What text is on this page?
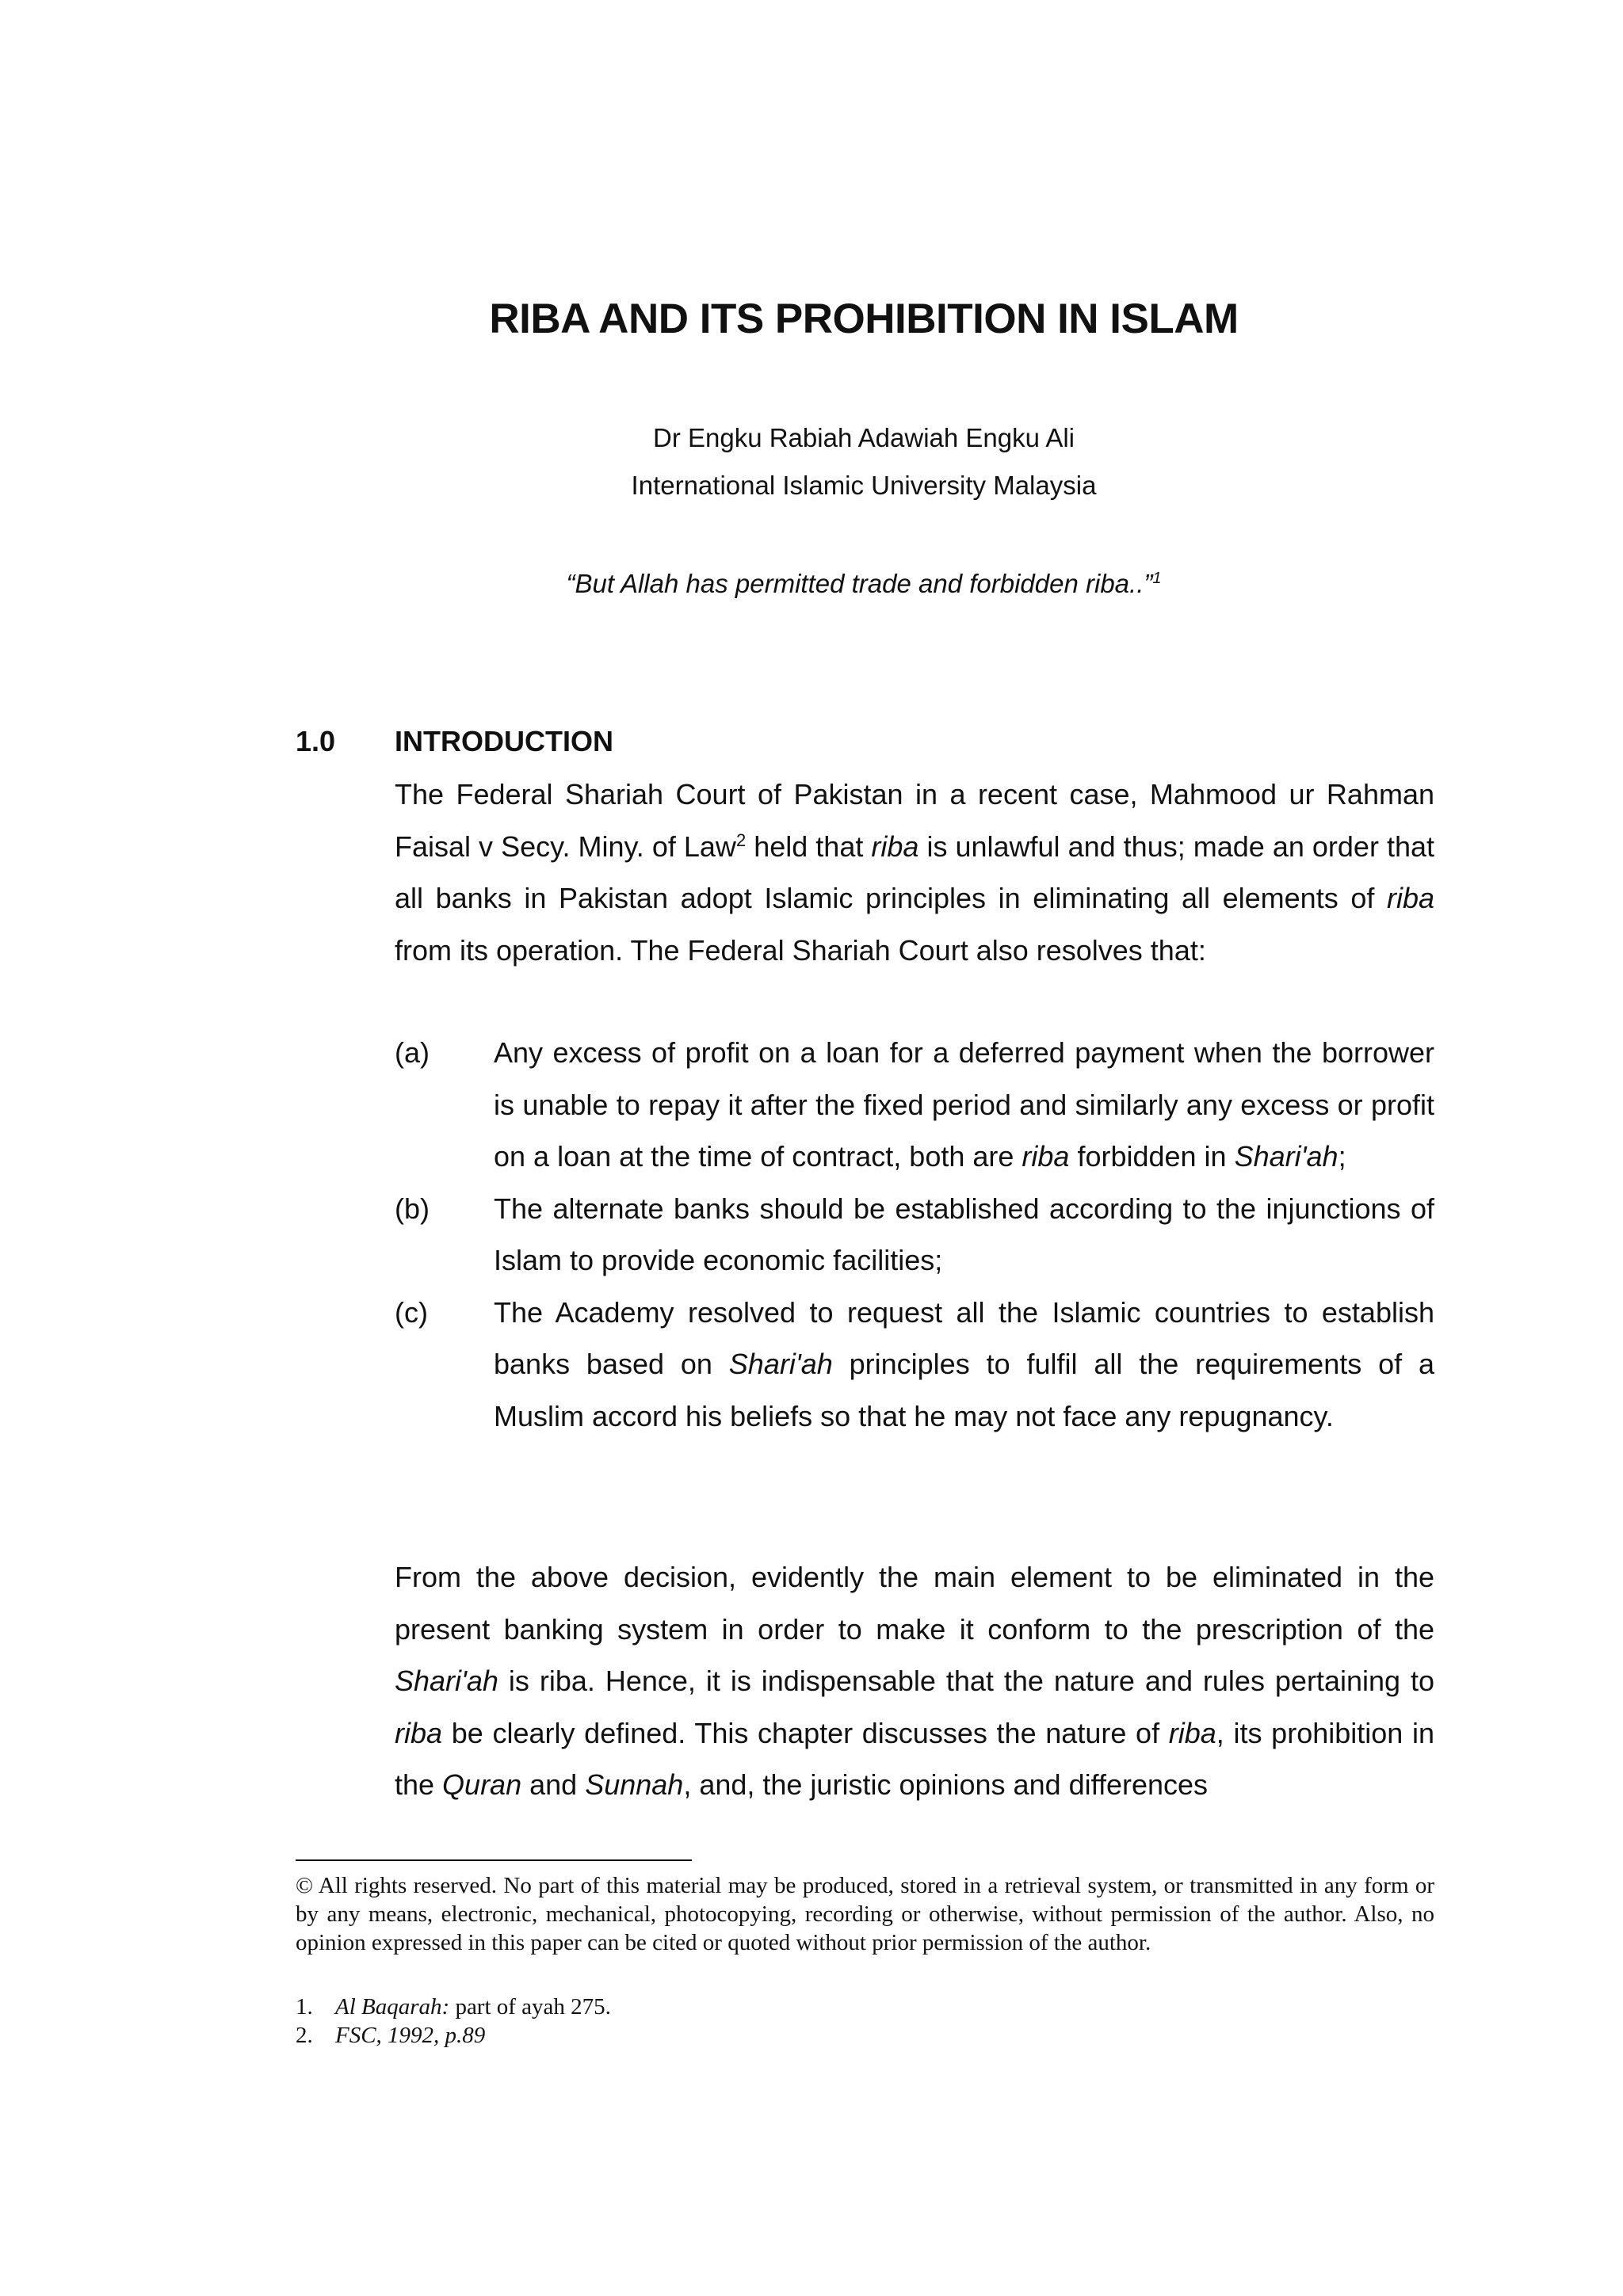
RIBA AND ITS PROHIBITION IN ISLAM
Dr Engku Rabiah Adawiah Engku Ali
International Islamic University Malaysia
“But Allah has permitted trade and forbidden riba..”$^1$
1.0 INTRODUCTION
The Federal Shariah Court of Pakistan in a recent case, Mahmood ur Rahman Faisal v Secy. Miny. of Law$^2$ held that riba is unlawful and thus; made an order that all banks in Pakistan adopt Islamic principles in eliminating all elements of riba from its operation. The Federal Shariah Court also resolves that:
(a)	Any excess of profit on a loan for a deferred payment when the borrower is unable to repay it after the fixed period and similarly any excess or profit on a loan at the time of contract, both are riba forbidden in Shari'ah;
(b)	The alternate banks should be established according to the injunctions of Islam to provide economic facilities;
(c)	The Academy resolved to request all the Islamic countries to establish banks based on Shari'ah principles to fulfil all the requirements of a Muslim accord his beliefs so that he may not face any repugnancy.
From the above decision, evidently the main element to be eliminated in the present banking system in order to make it conform to the prescription of the Shari'ah is riba. Hence, it is indispensable that the nature and rules pertaining to riba be clearly defined. This chapter discusses the nature of riba, its prohibition in the Quran and Sunnah, and, the juristic opinions and differences
© All rights reserved. No part of this material may be produced, stored in a retrieval system, or transmitted in any form or by any means, electronic, mechanical, photocopying, recording or otherwise, without permission of the author. Also, no opinion expressed in this paper can be cited or quoted without prior permission of the author.
1. Al Baqarah: part of ayah 275.
2. FSC, 1992, p.89
